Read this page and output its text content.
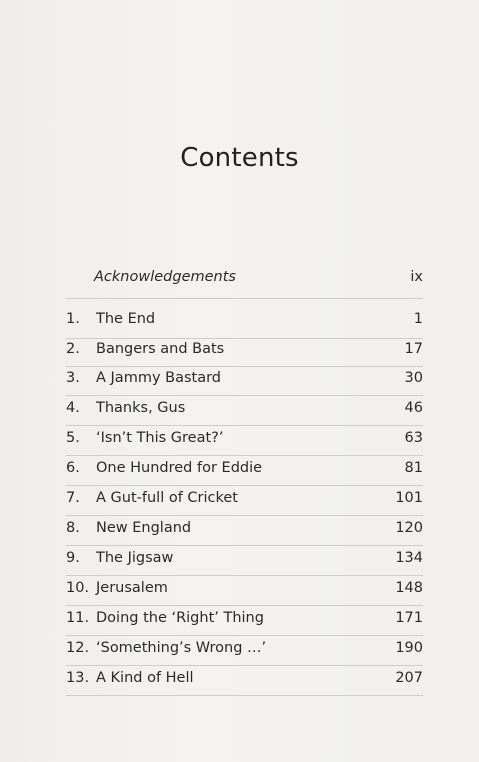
Contents
Acknowledgements	ix
1. The End	1
2. Bangers and Bats	17
3. A Jammy Bastard	30
4. Thanks, Gus	46
5. ‘Isn’t This Great?’	63
6. One Hundred for Eddie	81
7. A Gut-full of Cricket	101
8. New England	120
9. The Jigsaw	134
10. Jerusalem	148
11. Doing the ‘Right’ Thing	171
12. ‘Something’s Wrong …’	190
13. A Kind of Hell	207
